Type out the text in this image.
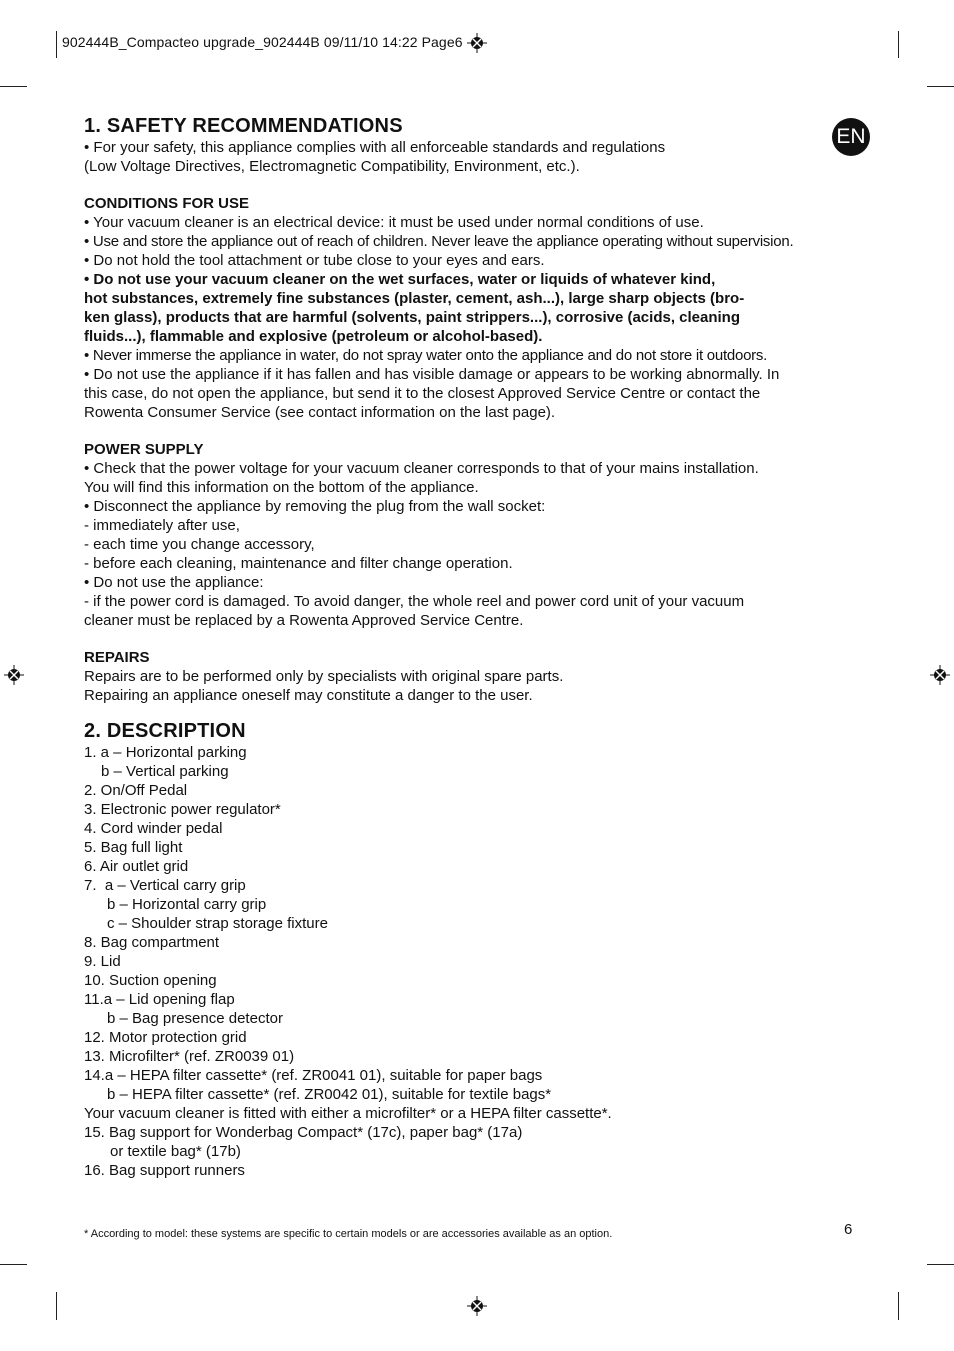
902444B_Compacteo upgrade_902444B 09/11/10 14:22 Page6
EN
1. SAFETY RECOMMENDATIONS

• For your safety, this appliance complies with all enforceable standards and regulations

(Low Voltage Directives, Electromagnetic Compatibility, Environment, etc.).

CONDITIONS FOR USE

• Your vacuum cleaner is an electrical device: it must be used under normal conditions of use.

• Use and store the appliance out of reach of children. Never leave the appliance operating without supervision.

• Do not hold the tool attachment or tube close to your eyes and ears.

• Do not use your vacuum cleaner on the wet surfaces, water or liquids of whatever kind,

hot substances, extremely fine substances (plaster, cement, ash...), large sharp objects (bro-

ken glass), products that are harmful (solvents, paint strippers...), corrosive (acids, cleaning

fluids...), flammable and explosive (petroleum or alcohol-based).

• Never immerse the appliance in water, do not spray water onto the appliance and do not store it outdoors.

• Do not use the appliance if it has fallen and has visible damage or appears to be working abnormally. In

this case, do not open the appliance, but send it to the closest Approved Service Centre or contact the

Rowenta Consumer Service (see contact information on the last page).

POWER SUPPLY

• Check that the power voltage for your vacuum cleaner corresponds to that of your mains installation.

You will find this information on the bottom of the appliance.

• Disconnect the appliance by removing the plug from the wall socket:

- immediately after use,

- each time you change accessory,

- before each cleaning, maintenance and filter change operation.

• Do not use the appliance:

- if the power cord is damaged. To avoid danger, the whole reel and power cord unit of your vacuum

cleaner must be replaced by a Rowenta Approved Service Centre.

REPAIRS

Repairs are to be performed only by specialists with original spare parts.

Repairing an appliance oneself may constitute a danger to the user.

2. DESCRIPTION

1. a – Horizontal parking

b – Vertical parking

2. On/Off Pedal

3. Electronic power regulator*

4. Cord winder pedal

5. Bag full light

6. Air outlet grid

7.  a – Vertical carry grip

b – Horizontal carry grip

c – Shoulder strap storage fixture

8. Bag compartment

9. Lid

10. Suction opening

11.a – Lid opening flap

b – Bag presence detector

12. Motor protection grid

13. Microfilter* (ref. ZR0039 01)

14.a – HEPA filter cassette* (ref. ZR0041 01), suitable for paper bags

b – HEPA filter cassette* (ref. ZR0042 01), suitable for textile bags*

Your vacuum cleaner is fitted with either a microfilter* or a HEPA filter cassette*.

15. Bag support for Wonderbag Compact* (17c), paper bag* (17a)

or textile bag* (17b)

16. Bag support runners

* According to model: these systems are specific to certain models or are accessories available as an option.	6
